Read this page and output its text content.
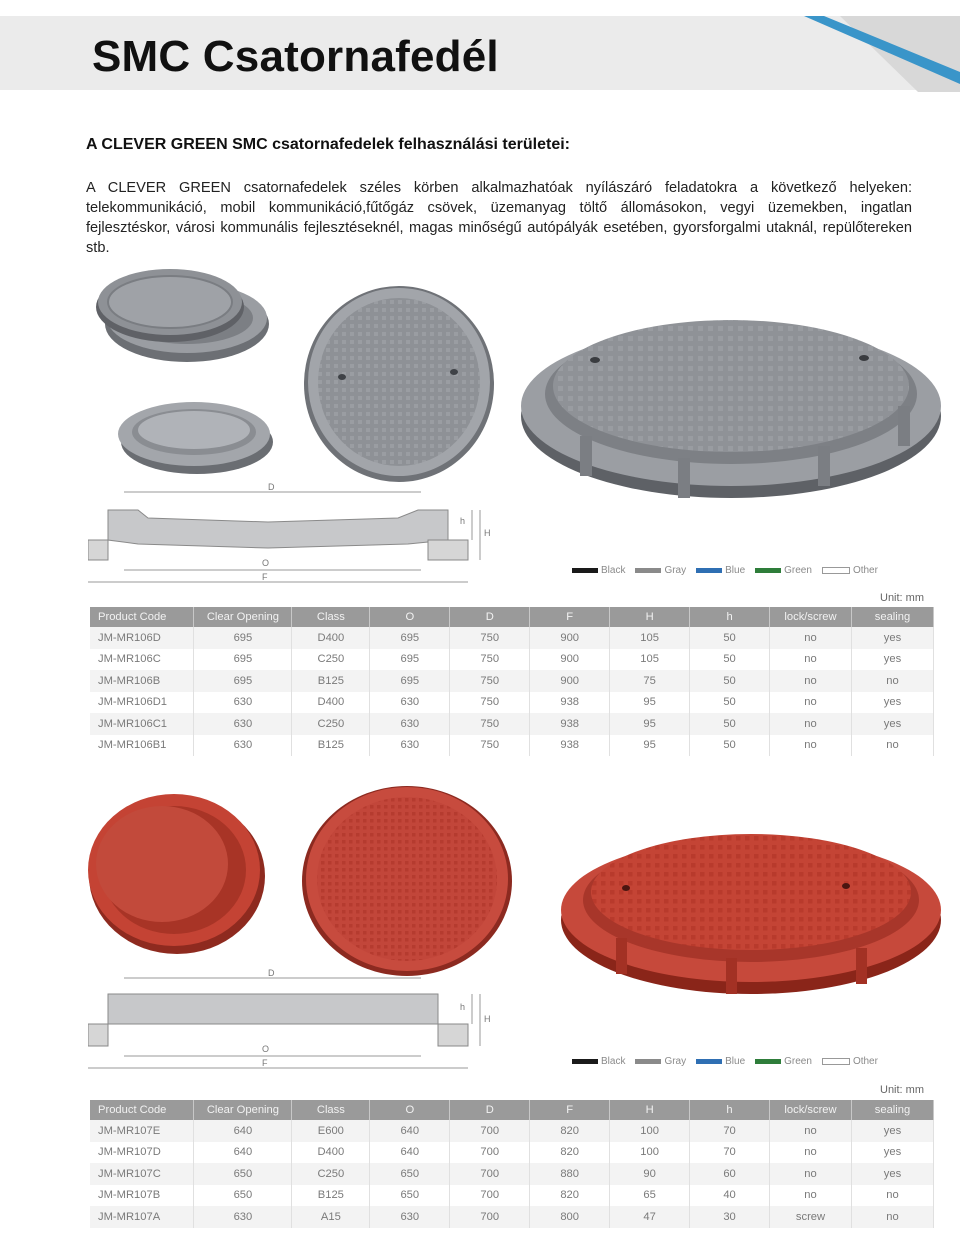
SMC Csatornafedél
A CLEVER GREEN SMC csatornafedelek felhasználási területei:

A CLEVER GREEN csatornafedelek széles körben alkalmazhatóak nyílászáró feladatokra a következő helyeken: telekommunikáció, mobil kommunikáció,fűtőgáz csövek, üzemanyag töltő állomásokon, vegyi üzemekben, ingatlan fejlesztéskor, városi kommunális fejlesztéseknél, magas minőségű autópályák esetében, gyorsforgalmi utaknál, repülőtereken stb.

D
O
F
h
H
Black	Gray	Blue	Green	Other
Unit: mm
Product Code	Clear Opening	Class	O	D	F	H	h	lock/screw	sealing
JM-MR106D	695	D400	695	750	900	105	50	no	yes
JM-MR106C	695	C250	695	750	900	105	50	no	yes
JM-MR106B	695	B125	695	750	900	75	50	no	no
JM-MR106D1	630	D400	630	750	938	95	50	no	yes
JM-MR106C1	630	C250	630	750	938	95	50	no	yes
JM-MR106B1	630	B125	630	750	938	95	50	no	no
D
O
F
h
H
Black	Gray	Blue	Green	Other
Unit: mm
Product Code	Clear Opening	Class	O	D	F	H	h	lock/screw	sealing
JM-MR107E	640	E600	640	700	820	100	70	no	yes
JM-MR107D	640	D400	640	700	820	100	70	no	yes
JM-MR107C	650	C250	650	700	880	90	60	no	yes
JM-MR107B	650	B125	650	700	820	65	40	no	no
JM-MR107A	630	A15	630	700	800	47	30	screw	no
